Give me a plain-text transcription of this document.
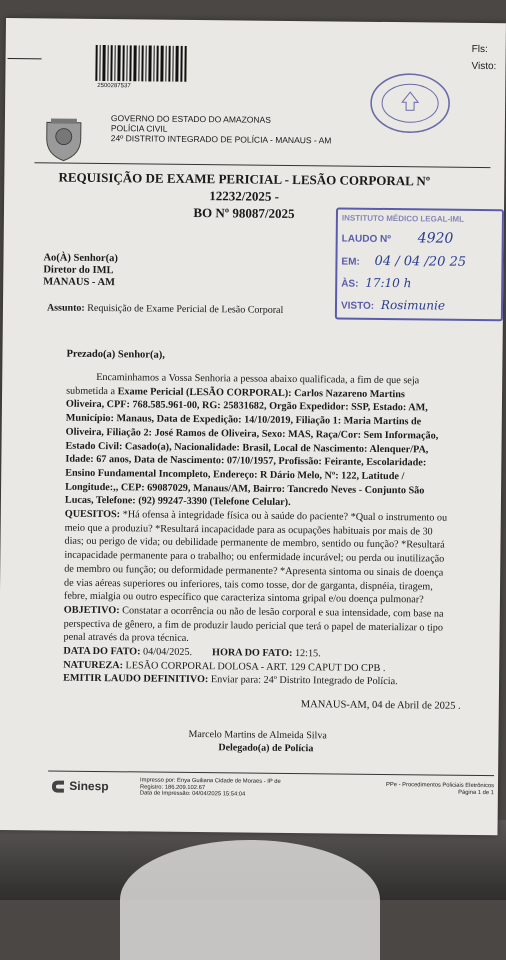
Fls:
Visto:
2500287537
GOVERNO DO ESTADO DO AMAZONAS
POLÍCIA CIVIL
24º DISTRITO INTEGRADO DE POLÍCIA - MANAUS - AM
REQUISIÇÃO DE EXAME PERICIAL - LESÃO CORPORAL Nº
12232/2025 -
BO Nº 98087/2025	INSTITUTO MÉDICO LEGAL-IML
LAUDO Nº 4920
EM: 04 / 04 /20 25
ÀS: 17:10 h
VISTO: Rosimunie
Ao(À) Senhor(a)
Diretor do IML
MANAUS - AM
Assunto: Requisição de Exame Pericial de Lesão Corporal
Prezado(a) Senhor(a),
Encaminhamos a Vossa Senhoria a pessoa abaixo qualificada, a fim de que seja
submetida a Exame Pericial (LESÃO CORPORAL): Carlos Nazareno Martins
Oliveira, CPF: 768.585.961-00, RG: 25831682, Orgão Expedidor: SSP, Estado: AM,
Município: Manaus, Data de Expedição: 14/10/2019, Filiação 1: Maria Martins de
Oliveira, Filiação 2: José Ramos de Oliveira, Sexo: MAS, Raça/Cor: Sem Informação,
Estado Civil: Casado(a), Nacionalidade: Brasil, Local de Nascimento: Alenquer/PA,
Idade: 67 anos, Data de Nascimento: 07/10/1957, Profissão: Feirante, Escolaridade:
Ensino Fundamental Incompleto, Endereço: R Dário Melo, Nº: 122, Latitude /
Longitude:,, CEP: 69087029, Manaus/AM, Bairro: Tancredo Neves - Conjunto São
Lucas, Telefone: (92) 99247-3390 (Telefone Celular).
QUESITOS: *Há ofensa à integridade física ou à saúde do paciente? *Qual o instrumento ou
meio que a produziu? *Resultará incapacidade para as ocupações habituais por mais de 30
dias; ou perigo de vida; ou debilidade permanente de membro, sentido ou função? *Resultará
incapacidade permanente para o trabalho; ou enfermidade incurável; ou perda ou inutilização
de membro ou função; ou deformidade permanente? *Apresenta sintoma ou sinais de doença
de vias aéreas superiores ou inferiores, tais como tosse, dor de garganta, dispnéia, tiragem,
febre, mialgia ou outro específico que caracteriza sintoma gripal e/ou doença pulmonar?
OBJETIVO: Constatar a ocorrência ou não de lesão corporal e sua intensidade, com base na
perspectiva de gênero, a fim de produzir laudo pericial que terá o papel de materializar o tipo
penal através da prova técnica.
DATA DO FATO: 04/04/2025. HORA DO FATO: 12:15.
NATUREZA: LESÃO CORPORAL DOLOSA - ART. 129 CAPUT DO CPB .
EMITIR LAUDO DEFINITIVO: Enviar para: 24º Distrito Integrado de Polícia.
MANAUS-AM, 04 de Abril de 2025 .
Marcelo Martins de Almeida Silva
Delegado(a) de Polícia
Sinesp	Impresso por: Enya Guiliana Cidade de Moraes - IP de
Registro: 186.209.102.67
Data de Impressão: 04/04/2025 15:54:04
PPe - Procedimentos Policiais Eletrônicos
Página 1 de 1
